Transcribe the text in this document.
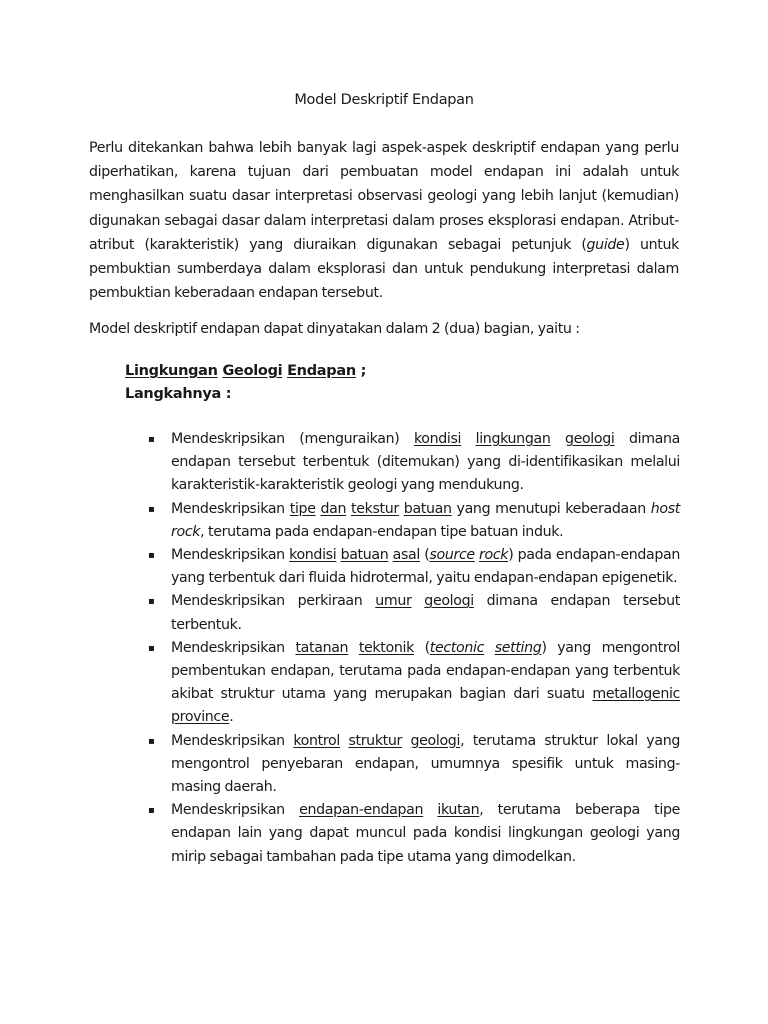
Model Deskriptif Endapan

Perlu ditekankan bahwa lebih banyak lagi aspek-aspek deskriptif endapan yang perlu diperhatikan, karena tujuan dari pembuatan model endapan ini adalah untuk menghasilkan suatu dasar interpretasi observasi geologi yang lebih lanjut (kemudian) digunakan sebagai dasar dalam interpretasi dalam proses eksplorasi endapan. Atribut-atribut (karakteristik) yang diuraikan digunakan sebagai petunjuk (guide) untuk pembuktian sumberdaya dalam eksplorasi dan untuk pendukung interpretasi dalam pembuktian keberadaan endapan tersebut.

Model deskriptif endapan dapat dinyatakan dalam 2 (dua) bagian, yaitu :

Lingkungan Geologi Endapan ;
Langkahnya :
▪ Mendeskripsikan (menguraikan) kondisi lingkungan geologi dimana endapan tersebut terbentuk (ditemukan) yang di-identifikasikan melalui karakteristik-karakteristik geologi yang mendukung.
▪ Mendeskripsikan tipe dan tekstur batuan yang menutupi keberadaan host rock, terutama pada endapan-endapan tipe batuan induk.
▪ Mendeskripsikan kondisi batuan asal (source rock) pada endapan-endapan yang terbentuk dari fluida hidrotermal, yaitu endapan-endapan epigenetik.
▪ Mendeskripsikan perkiraan umur geologi dimana endapan tersebut terbentuk.
▪ Mendeskripsikan tatanan tektonik (tectonic setting) yang mengontrol pembentukan endapan, terutama pada endapan-endapan yang terbentuk akibat struktur utama yang merupakan bagian dari suatu metallogenic province.
▪ Mendeskripsikan kontrol struktur geologi, terutama struktur lokal yang mengontrol penyebaran endapan, umumnya spesifik untuk masing-masing daerah.
▪ Mendeskripsikan endapan-endapan ikutan, terutama beberapa tipe endapan lain yang dapat muncul pada kondisi lingkungan geologi yang mirip sebagai tambahan pada tipe utama yang dimodelkan.
